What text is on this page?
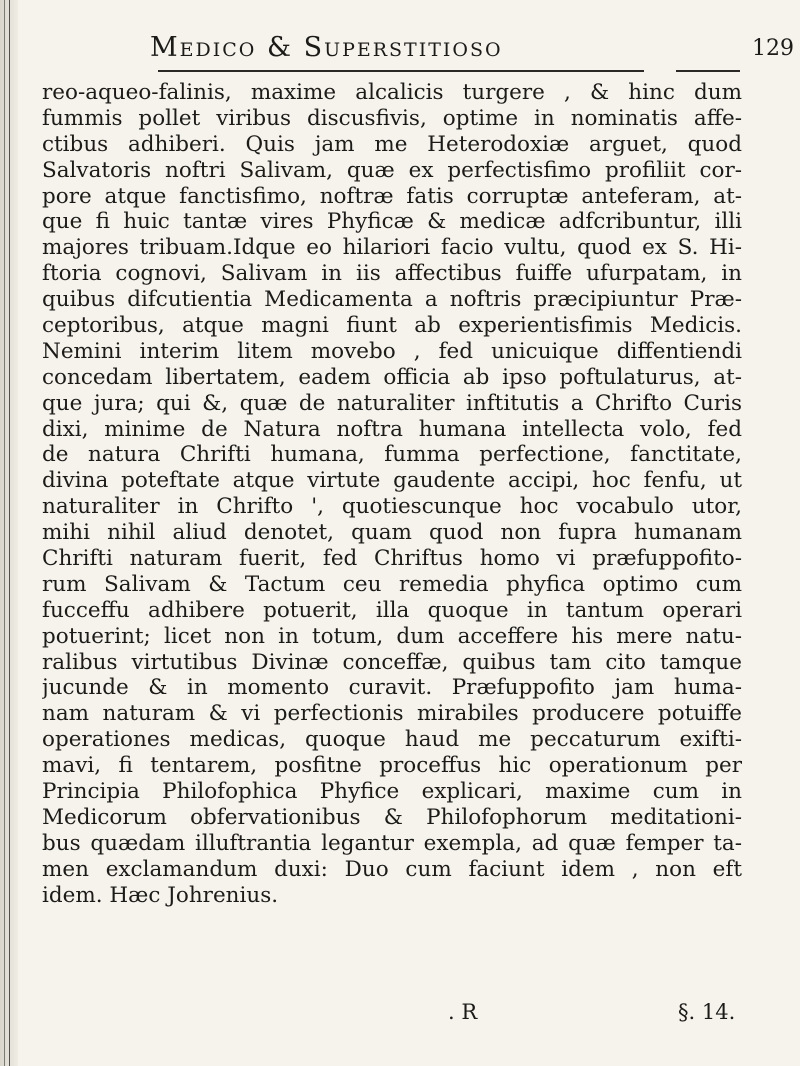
Medico & Superstitioso	129
reo-aqueo-falinis, maxime alcalicis turgere , & hinc dum
fummis pollet viribus discusfivis, optime in nominatis affe-
ctibus adhiberi. Quis jam me Heterodoxiæ arguet, quod
Salvatoris noftri Salivam, quæ ex perfectisfimo profiliit cor-
pore atque fanctisfimo, noftræ fatis corruptæ anteferam, at-
que fi huic tantæ vires Phyficæ & medicæ adfcribuntur, illi
majores tribuam.Idque eo hilariori facio vultu, quod ex S. Hi-
ftoria cognovi, Salivam in iis affectibus fuiffe ufurpatam, in
quibus difcutientia Medicamenta a noftris præcipiuntur Præ-
ceptoribus, atque magni fiunt ab experientisfimis Medicis.
Nemini interim litem movebo , fed unicuique diffentiendi
concedam libertatem, eadem officia ab ipso poftulaturus, at-
que jura; qui &, quæ de naturaliter inftitutis a Chrifto Curis
dixi, minime de Natura noftra humana intellecta volo, fed
de natura Chrifti humana, fumma perfectione, fanctitate,
divina poteftate atque virtute gaudente accipi, hoc fenfu, ut
naturaliter in Chrifto ', quotiescunque hoc vocabulo utor,
mihi nihil aliud denotet, quam quod non fupra humanam
Chrifti naturam fuerit, fed Chriftus homo vi præfuppofito-
rum Salivam & Tactum ceu remedia phyfica optimo cum
fucceffu adhibere potuerit, illa quoque in tantum operari
potuerint; licet non in totum, dum acceffere his mere natu-
ralibus virtutibus Divinæ conceffæ, quibus tam cito tamque
jucunde & in momento curavit. Præfuppofito jam huma-
nam naturam & vi perfectionis mirabiles producere potuiffe
operationes medicas, quoque haud me peccaturum exifti-
mavi, fi tentarem, posfitne proceffus hic operationum per
Principia Philofophica Phyfice explicari, maxime cum in
Medicorum obfervationibus & Philofophorum meditationi-
bus quædam illuftrantia legantur exempla, ad quæ femper ta-
men exclamandum duxi: Duo cum faciunt idem , non eft
idem. Hæc Johrenius.
. R	§. 14.
